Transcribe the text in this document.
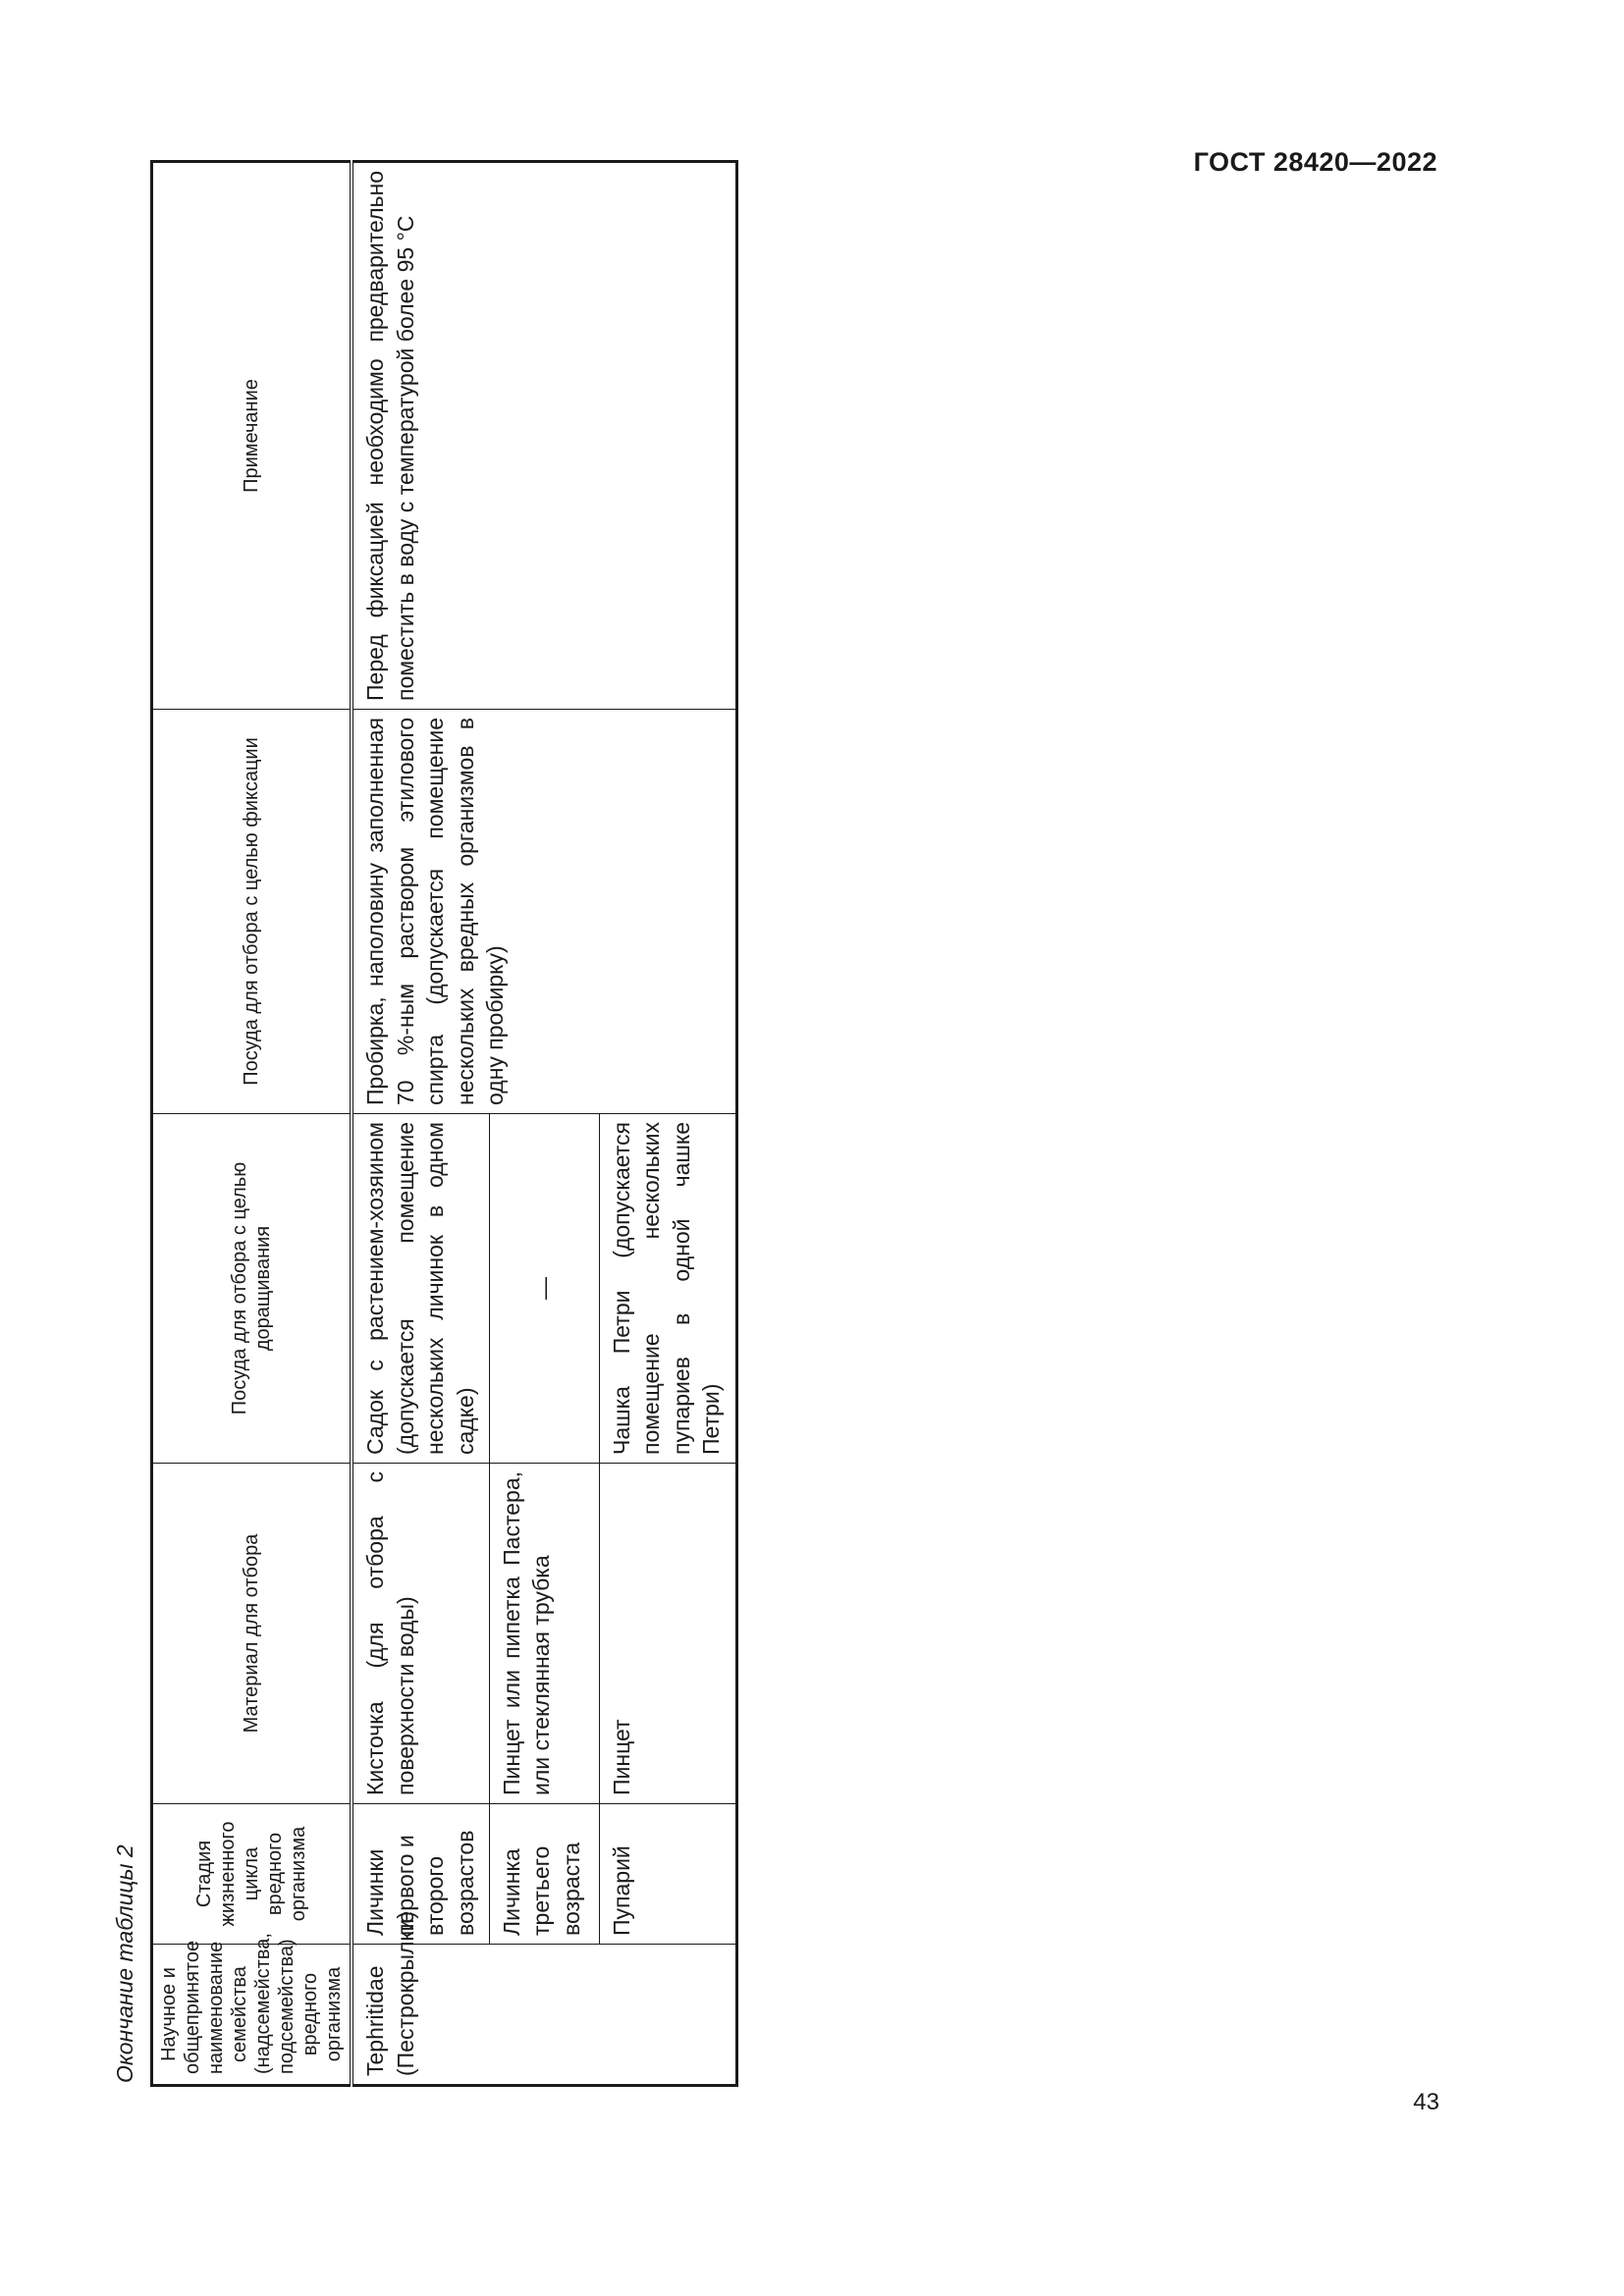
ГОСТ 28420—2022
Окончание таблицы 2	Научное и общепринятое наименование семейства (надсемейства, подсемейства) вредного организма	Стадия жизненного цикла вредного организма	Материал для отбора	Посуда для отбора с целью доращивания	Посуда для отбора с целью фиксации	Примечание
Tephritidae (Пестрокрылки)	Личинки первого и второго возрастов	Кисточка (для отбора с поверхности воды)	Садок с растением-хозяином (допускается помещение нескольких личинок в одном садке)	Пробирка, наполовину заполненная 70 %-ным раствором этилового спирта (допускается помещение нескольких вредных организмов в одну пробирку)	Перед фиксацией необходимо предварительно поместить в воду с температурой более 95 °С
	Личинка третьего возраста	Пинцет или пипетка Пастера, или стеклянная трубка	—		
	Пупарий	Пинцет	Чашка Петри (допускается помещение нескольких пупариев в одной чашке Петри)		
43
